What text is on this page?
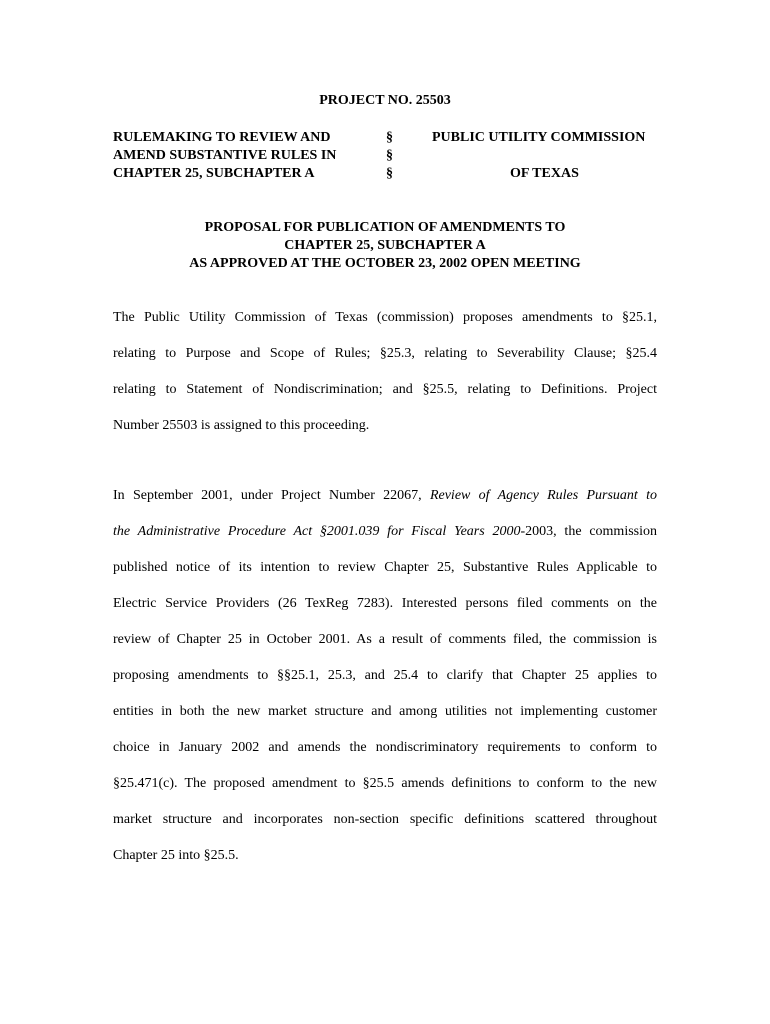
PROJECT NO. 25503
RULEMAKING TO REVIEW AND
AMEND SUBSTANTIVE RULES IN
CHAPTER 25, SUBCHAPTER A
§
§
§
PUBLIC UTILITY COMMISSION
OF TEXAS
PROPOSAL FOR PUBLICATION OF AMENDMENTS TO
CHAPTER 25, SUBCHAPTER A
AS APPROVED AT THE OCTOBER 23, 2002 OPEN MEETING
The Public Utility Commission of Texas (commission) proposes amendments to §25.1,
relating to Purpose and Scope of Rules; §25.3, relating to Severability Clause; §25.4
relating to Statement of Nondiscrimination; and §25.5, relating to Definitions. Project
Number 25503 is assigned to this proceeding.
In September 2001, under Project Number 22067, Review of Agency Rules Pursuant to
the Administrative Procedure Act §2001.039 for Fiscal Years 2000-2003, the commission
published notice of its intention to review Chapter 25, Substantive Rules Applicable to
Electric Service Providers (26 TexReg 7283). Interested persons filed comments on the
review of Chapter 25 in October 2001. As a result of comments filed, the commission is
proposing amendments to §§25.1, 25.3, and 25.4 to clarify that Chapter 25 applies to
entities in both the new market structure and among utilities not implementing customer
choice in January 2002 and amends the nondiscriminatory requirements to conform to
§25.471(c). The proposed amendment to §25.5 amends definitions to conform to the new
market structure and incorporates non-section specific definitions scattered throughout
Chapter 25 into §25.5.
